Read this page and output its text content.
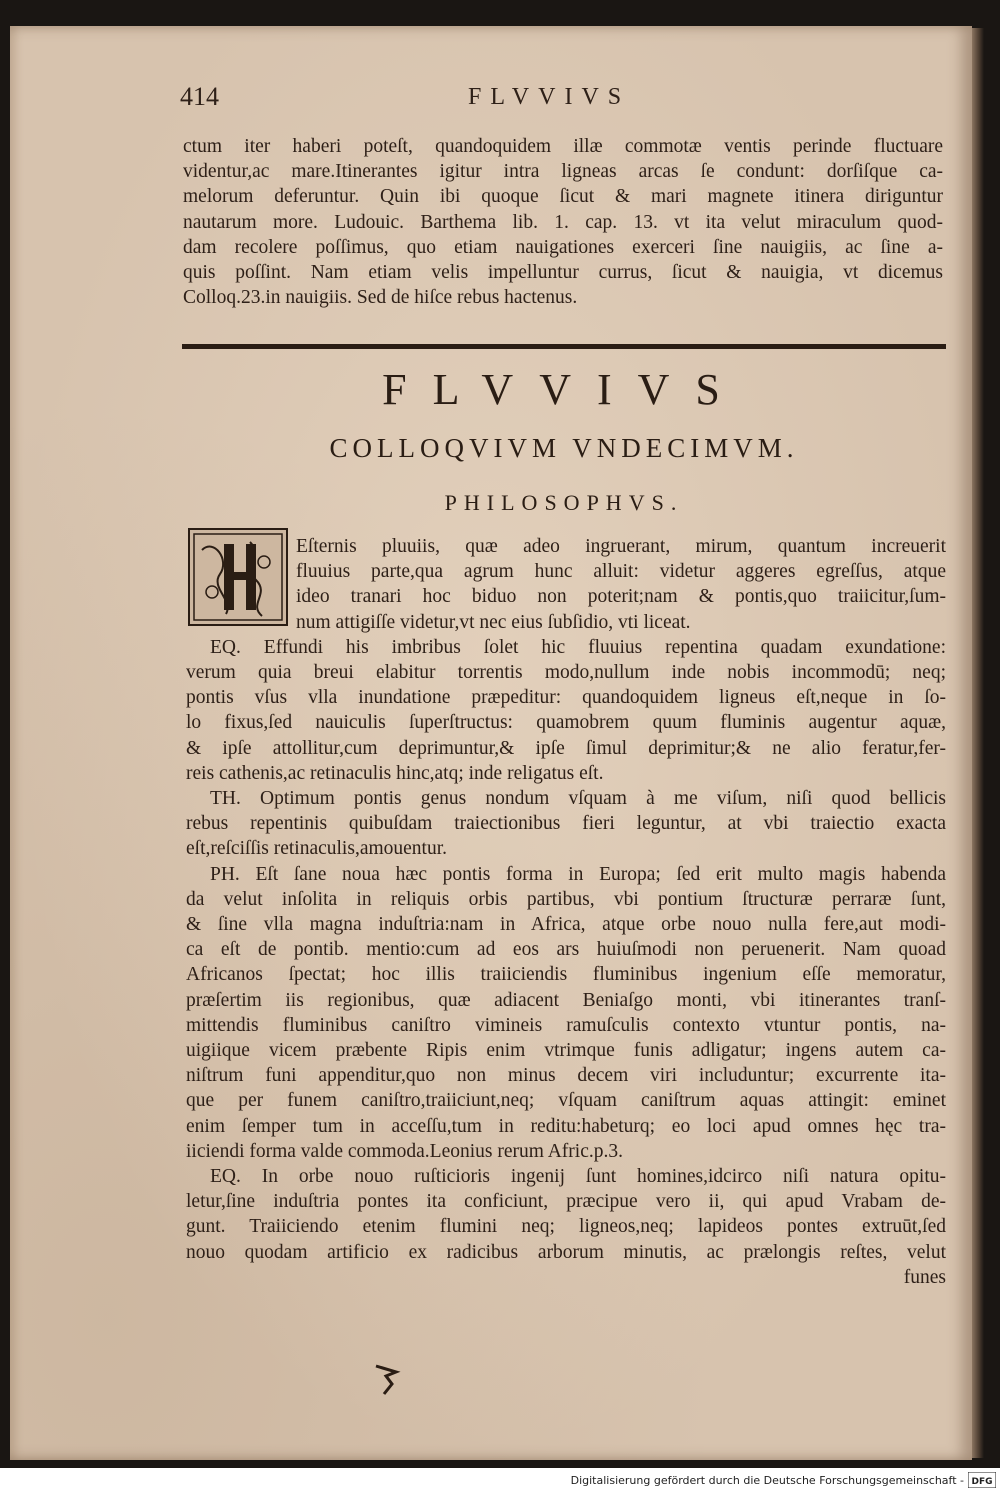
414	FLVVIVS
ctum iter haberi poteſt, quandoquidem illæ commotæ ventis perinde fluctuare
videntur,ac mare.Itinerantes igitur intra ligneas arcas ſe condunt: dorſiſque ca-
melorum deferuntur. Quin ibi quoque ſicut & mari magnete itinera diriguntur
nautarum more. Ludouic. Barthema lib. 1. cap. 13. vt ita velut miraculum quod-
dam recolere poſſimus, quo etiam nauigationes exerceri ſine nauigiis, ac ſine a-
quis poſſint. Nam etiam velis impelluntur currus, ſicut & nauigia, vt dicemus
Colloq.23.in nauigiis. Sed de hiſce rebus hactenus.
FLVVIVS
COLLOQVIVM VNDECIMVM.
PHILOSOPHVS.
Eſternis pluuiis, quæ adeo ingruerant, mirum, quantum increuerit
fluuius parte,qua agrum hunc alluit: videtur aggeres egreſſus, atque
ideo tranari hoc biduo non poterit;nam & pontis,quo traiicitur,ſum-
num attigiſſe videtur,vt nec eius ſubſidio, vti liceat.
EQ. Effundi his imbribus ſolet hic fluuius repentina quadam exundatione:
verum quia breui elabitur torrentis modo,nullum inde nobis incommodū; neq;
pontis vſus vlla inundatione præpeditur: quandoquidem ligneus eſt,neque in ſo-
lo fixus,ſed nauiculis ſuperſtructus: quamobrem quum fluminis augentur aquæ,
& ipſe attollitur,cum deprimuntur,& ipſe ſimul deprimitur;& ne alio feratur,fer-
reis cathenis,ac retinaculis hinc,atq; inde religatus eſt.
TH. Optimum pontis genus nondum vſquam à me viſum, niſi quod bellicis
rebus repentinis quibuſdam traiectionibus fieri leguntur, at vbi traiectio exacta
eſt,reſciſſis retinaculis,amouentur.
PH. Eſt ſane noua hæc pontis forma in Europa; ſed erit multo magis habenda
da velut inſolita in reliquis orbis partibus, vbi pontium ſtructuræ perraræ ſunt,
& ſine vlla magna induſtria:nam in Africa, atque orbe nouo nulla fere,aut modi-
ca eſt de pontib. mentio:cum ad eos ars huiuſmodi non peruenerit. Nam quoad
Africanos ſpectat; hoc illis traiiciendis fluminibus ingenium eſſe memoratur,
præſertim iis regionibus, quæ adiacent Beniaſgo monti, vbi itinerantes tranſ-
mittendis fluminibus caniſtro vimineis ramuſculis contexto vtuntur pontis, na-
uigiique vicem præbente Ripis enim vtrimque funis adligatur; ingens autem ca-
niſtrum funi appenditur,quo non minus decem viri includuntur; excurrente ita-
que per funem caniſtro,traiiciunt,neq; vſquam caniſtrum aquas attingit: eminet
enim ſemper tum in acceſſu,tum in reditu:habeturq; eo loci apud omnes hęc tra-
iiciendi forma valde commoda.Leonius rerum Afric.p.3.
EQ. In orbe nouo ruſticioris ingenij ſunt homines,idcirco niſi natura opitu-
letur,ſine induſtria pontes ita conficiunt, præcipue vero ii, qui apud Vrabam de-
gunt. Traiiciendo etenim flumini neq; ligneos,neq; lapideos pontes extruūt,ſed
nouo quodam artificio ex radicibus arborum minutis, ac prælongis reſtes, velut
funes
Digitalisierung gefördert durch die Deutsche Forschungsgemeinschaft - DFG
